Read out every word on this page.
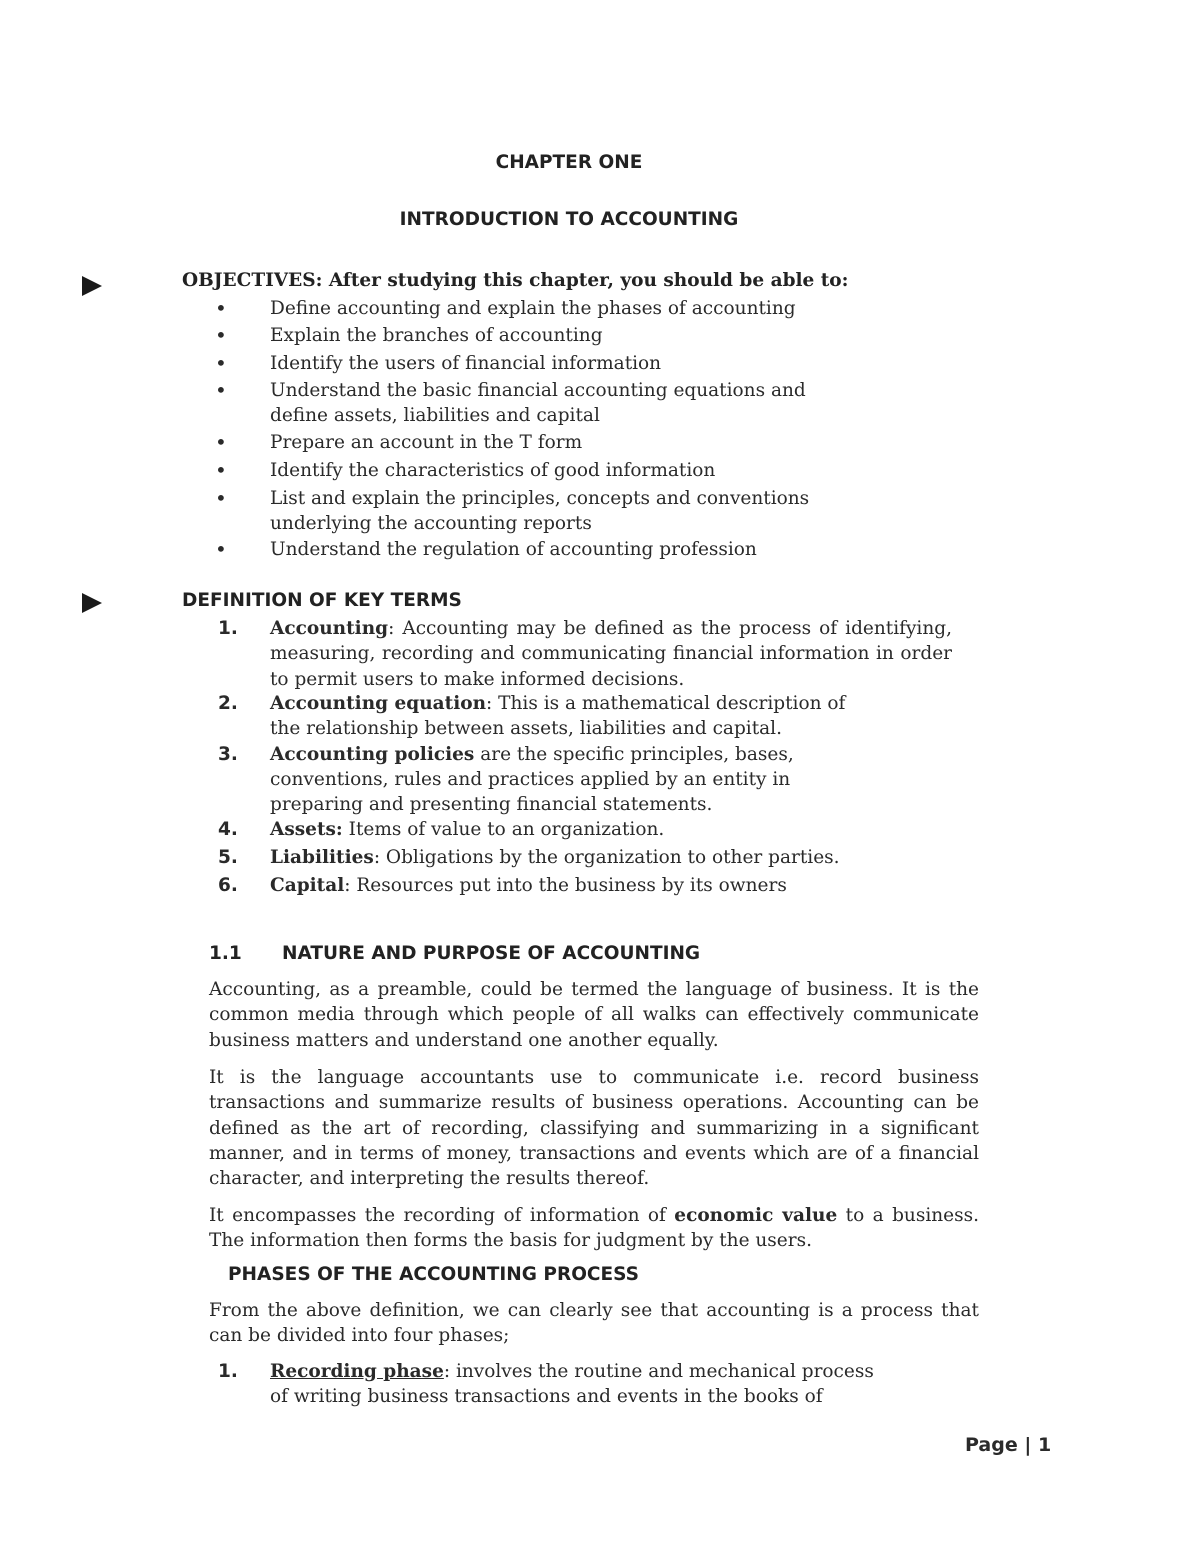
CHAPTER ONE
INTRODUCTION TO ACCOUNTING
OBJECTIVES: After studying this chapter, you should be able to:
• Define accounting and explain the phases of accounting
• Explain the branches of accounting
• Identify the users of financial information
• Understand the basic financial accounting equations and
define assets, liabilities and capital
• Prepare an account in the T form
• Identify the characteristics of good information
• List and explain the principles, concepts and conventions
underlying the accounting reports
• Understand the regulation of accounting profession
DEFINITION OF KEY TERMS
1. Accounting: Accounting may be defined as the process of identifying, measuring, recording and communicating financial information in order to permit users to make informed decisions.
2. Accounting equation: This is a mathematical description of
the relationship between assets, liabilities and capital.
3. Accounting policies are the specific principles, bases,
conventions, rules and practices applied by an entity in
preparing and presenting financial statements.
4. Assets: Items of value to an organization.
5. Liabilities: Obligations by the organization to other parties.
6. Capital: Resources put into the business by its owners
1.1 NATURE AND PURPOSE OF ACCOUNTING
Accounting, as a preamble, could be termed the language of business. It is the common media through which people of all walks can effectively communicate business matters and understand one another equally.
It is the language accountants use to communicate i.e. record business transactions and summarize results of business operations. Accounting can be defined as the art of recording, classifying and summarizing in a significant manner, and in terms of money, transactions and events which are of a financial character, and interpreting the results thereof.
It encompasses the recording of information of economic value to a business. The information then forms the basis for judgment by the users.
PHASES OF THE ACCOUNTING PROCESS
From the above definition, we can clearly see that accounting is a process that can be divided into four phases;
1. Recording phase: involves the routine and mechanical process
of writing business transactions and events in the books of
Page | 1
